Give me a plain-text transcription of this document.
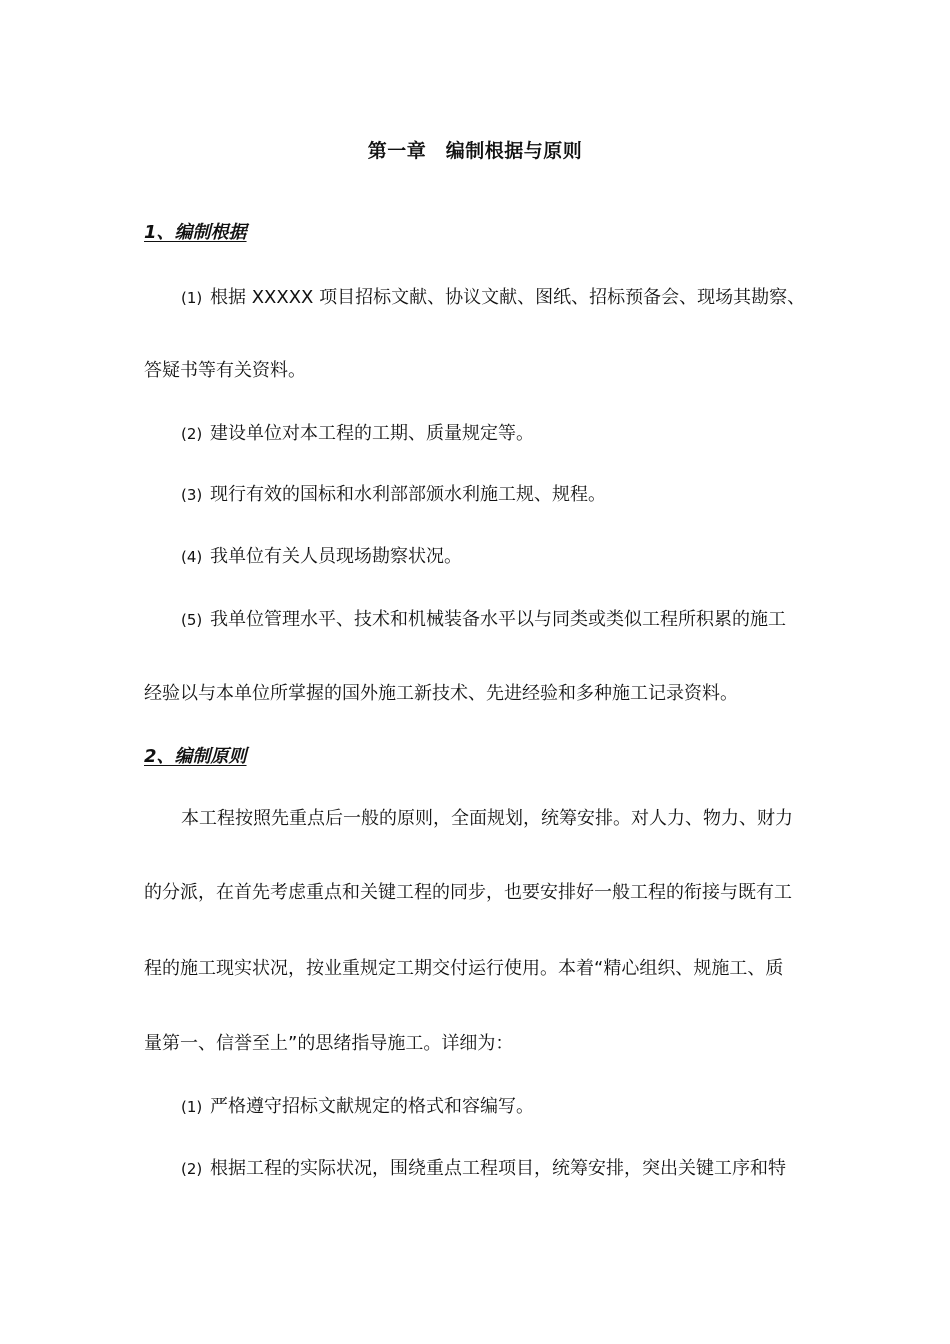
第一章　编制根据与原则
1、编制根据
(1) 根据 XXXXX 项目招标文献、协议文献、图纸、招标预备会、现场其勘察、
答疑书等有关资料。
(2) 建设单位对本工程的工期、质量规定等。
(3) 现行有效的国标和水利部部颁水利施工规、规程。
(4) 我单位有关人员现场勘察状况。
(5) 我单位管理水平、技术和机械装备水平以与同类或类似工程所积累的施工
经验以与本单位所掌握的国外施工新技术、先进经验和多种施工记录资料。
2、编制原则
本工程按照先重点后一般的原则，全面规划，统筹安排。对人力、物力、财力
的分派，在首先考虑重点和关键工程的同步，也要安排好一般工程的衔接与既有工
程的施工现实状况，按业重规定工期交付运行使用。本着“精心组织、规施工、质
量第一、信誉至上”的思绪指导施工。详细为：
(1) 严格遵守招标文献规定的格式和容编写。
(2) 根据工程的实际状况，围绕重点工程项目，统筹安排，突出关键工序和特
